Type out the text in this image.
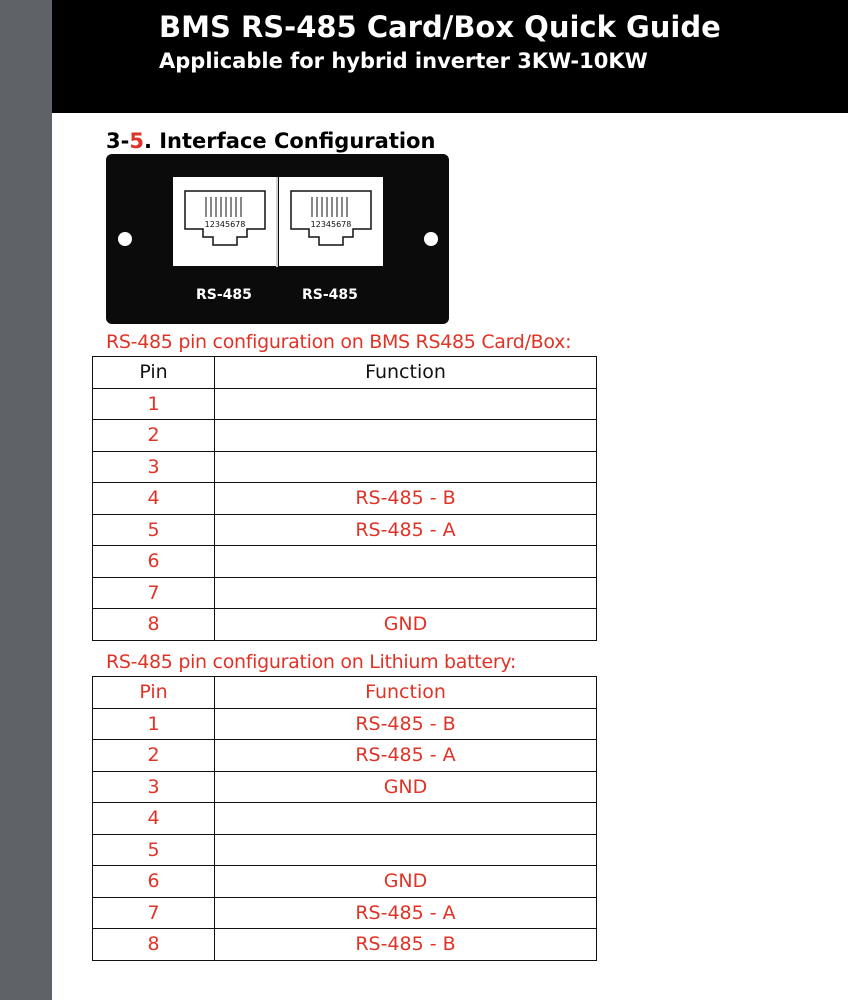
BMS RS-485 Card/Box Quick Guide
Applicable for hybrid inverter 3KW-10KW
3-5. Interface Configuration
12345678	12345678
RS-485	RS-485
RS-485 pin configuration on BMS RS485 Card/Box:
Pin	Function
1	
2	
3	
4	RS-485 - B
5	RS-485 - A
6	
7	
8	GND
RS-485 pin configuration on Lithium battery:
Pin	Function
1	RS-485 - B
2	RS-485 - A
3	GND
4	
5	
6	GND
7	RS-485 - A
8	RS-485 - B
